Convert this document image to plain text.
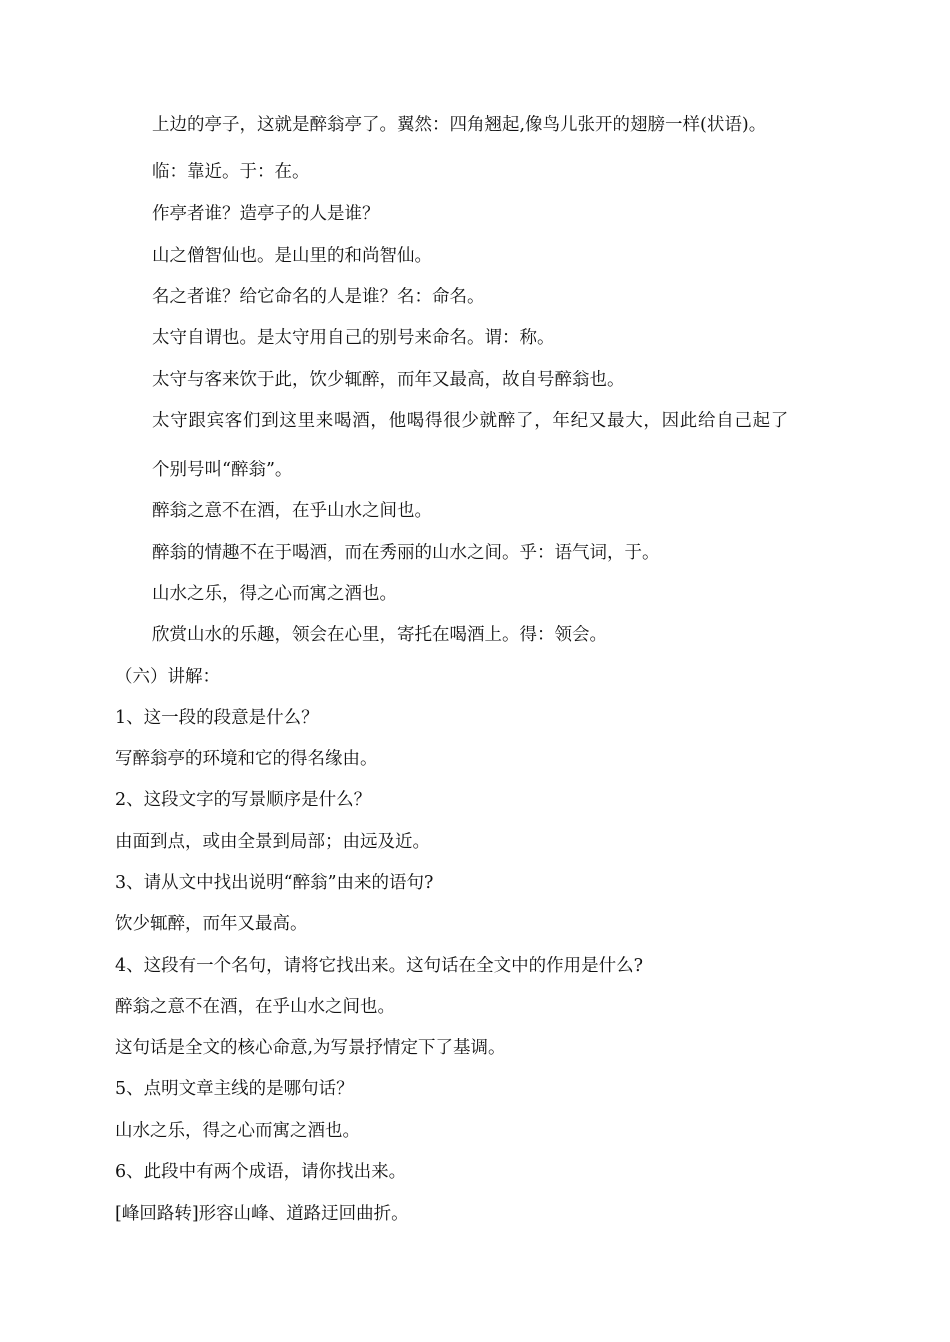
上边的亭子，这就是醉翁亭了。翼然：四角翘起,像鸟儿张开的翅膀一样(状语)。
临：靠近。于：在。
作亭者谁？造亭子的人是谁？
山之僧智仙也。是山里的和尚智仙。
名之者谁？给它命名的人是谁？名：命名。
太守自谓也。是太守用自己的别号来命名。谓：称。
太守与客来饮于此，饮少辄醉，而年又最高，故自号醉翁也。
太守跟宾客们到这里来喝酒，他喝得很少就醉了，年纪又最大，因此给自己起了
个别号叫“醉翁”。
醉翁之意不在酒，在乎山水之间也。
醉翁的情趣不在于喝酒，而在秀丽的山水之间。乎：语气词，于。
山水之乐，得之心而寓之酒也。
欣赏山水的乐趣，领会在心里，寄托在喝酒上。得：领会。
（六）讲解：
1、这一段的段意是什么？
写醉翁亭的环境和它的得名缘由。
2、这段文字的写景顺序是什么？
由面到点，或由全景到局部；由远及近。
3、请从文中找出说明“醉翁”由来的语句?
饮少辄醉，而年又最高。
4、这段有一个名句，请将它找出来。这句话在全文中的作用是什么?
醉翁之意不在酒，在乎山水之间也。
这句话是全文的核心命意,为写景抒情定下了基调。
5、点明文章主线的是哪句话？
山水之乐，得之心而寓之酒也。
6、此段中有两个成语，请你找出来。
[峰回路转]形容山峰、道路迂回曲折。
